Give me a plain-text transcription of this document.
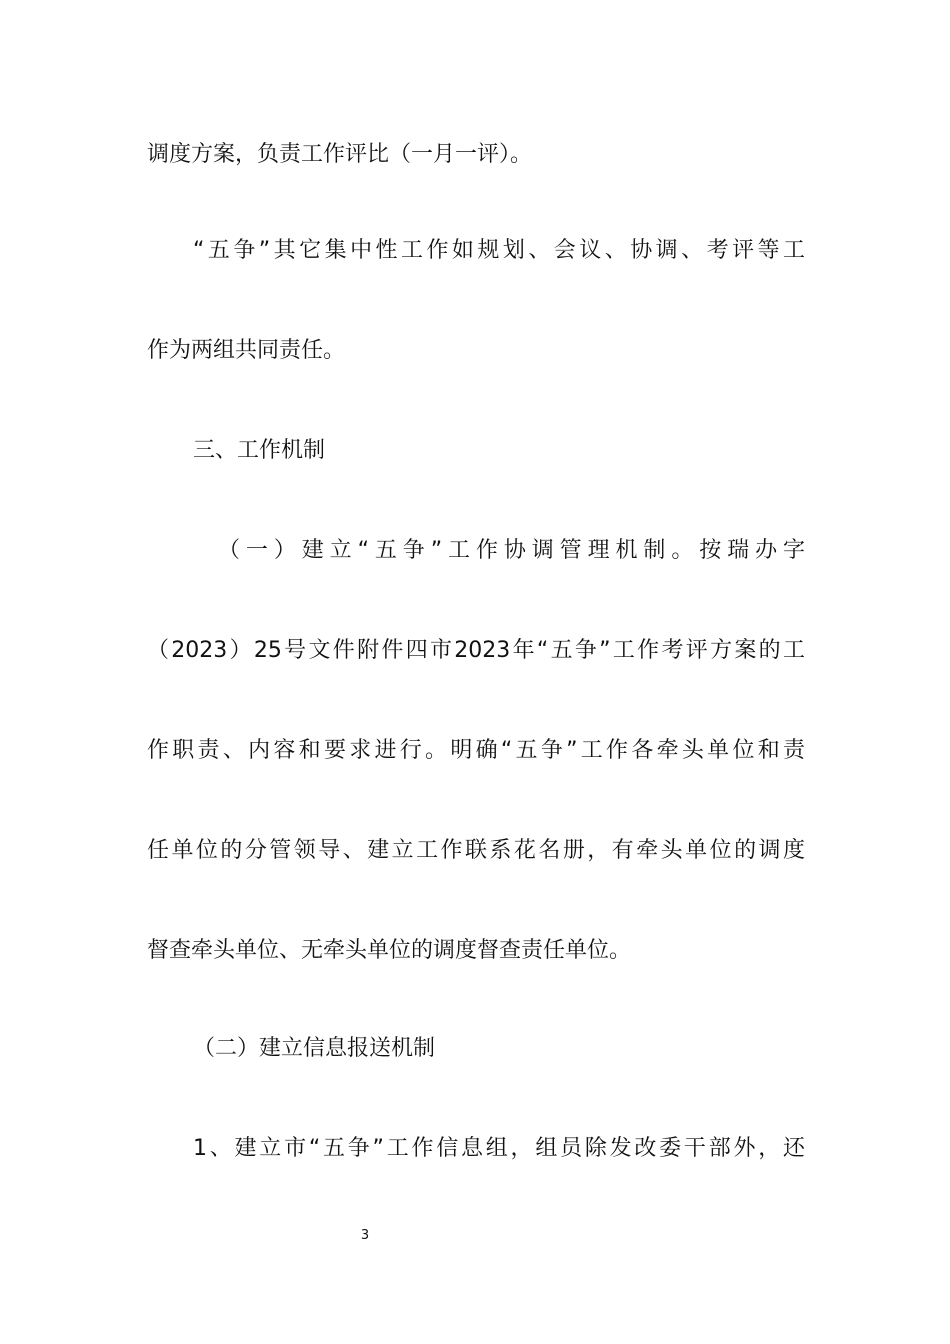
调度方案，负责工作评比（一月一评）。
“五争”其它集中性工作如规划、会议、协调、考评等工
作为两组共同责任。
三、工作机制
（一）建立“五争”工作协调管理机制。按瑞办字
（2023）25号文件附件四市2023年“五争”工作考评方案的工
作职责、内容和要求进行。明确“五争”工作各牵头单位和责
任单位的分管领导、建立工作联系花名册，有牵头单位的调度
督查牵头单位、无牵头单位的调度督查责任单位。
（二）建立信息报送机制
1、建立市“五争”工作信息组，组员除发改委干部外，还
3
